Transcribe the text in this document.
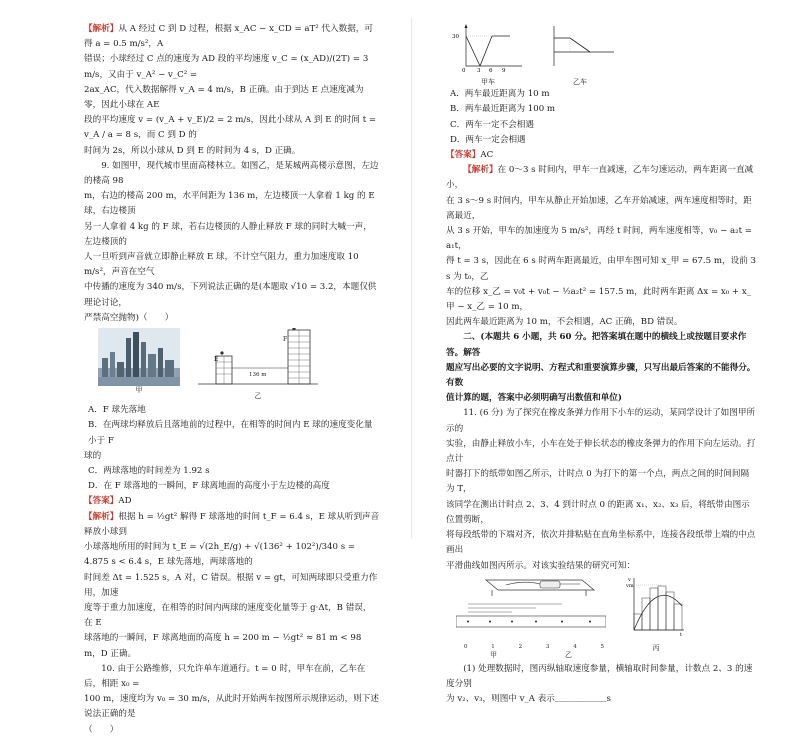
【解析】从 A 经过 C 到 D 过程，根据 x_AC − x_CD = aT² 代入数据，可得 a = 0.5 m/s²，A

错误；小球经过 C 点的速度为 AD 段的平均速度 v_C = (x_AD)/(2T) = 3 m/s，又由于 v_A² − v_C² =

2ax_AC，代入数据解得 v_A = 4 m/s，B 正确。由于到达 E 点速度减为零，因此小球在 AE

段的平均速度 v = (v_A + v_E)/2 = 2 m/s，因此小球从 A 到 E 的时间 t = v_A / a = 8 s，而 C 到 D 的

时间为 2s，所以小球从 D 到 E 的时间为 4 s，D 正确。

9. 如图甲，现代城市里面高楼林立。如图乙，是某城两高楼示意图，左边的楼高 98

m，右边的楼高 200 m，水平间距为 136 m，左边楼顶一人拿着 1 kg 的 E 球，右边楼顶

另一人拿着 4 kg 的 F 球，若右边楼顶的人静止释放 F 球的同时大喊一声，左边楼顶的

人一旦听到声音就立即静止释放 E 球，不计空气阻力，重力加速度取 10 m/s²，声音在空气

中传播的速度为 340 m/s，下列说法正确的是(本题取 √10 = 3.2，本题仅供理论讨论，

严禁高空抛物)（　　）

甲
136 m
E
F
乙

A．F 球先落地

B．在两球均释放后且落地前的过程中，在相等的时间内 E 球的速度变化量小于 F

球的

C．两球落地的时间差为 1.92 s

D．在 F 球落地的一瞬间，F 球离地面的高度小于左边楼的高度

【答案】AD

【解析】根据 h = ½gt² 解得 F 球落地的时间 t_F = 6.4 s，E 球从听到声音释放小球到

小球落地所用的时间为 t_E = √(2h_E/g) + √(136² + 102²)/340 s = 4.875 s < 6.4 s，E 球先落地，两球落地的

时间差 Δt = 1.525 s，A 对，C 错误。根据 v = gt，可知两球即只受重力作用，加速

度等于重力加速度，在相等的时间内两球的速度变化量等于 g·Δt，B 错误，在 E

球落地的一瞬间，F 球离地面的高度 h = 200 m − ½gt² ≈ 81 m < 98 m，D 正确。

10. 由于公路维修，只允许单车道通行。t = 0 时，甲车在前，乙车在后，相距 x₀ =

100 m，速度均为 v₀ = 30 m/s，从此时开始两车按图所示规律运动，则下述说法正确的是

（　　）

30
0 3 6 9
甲车	乙车

A．两车最近距离为 10 m

B．两车最近距离为 100 m

C．两车一定不会相遇

D．两车一定会相遇

【答案】AC

【解析】在 0～3 s 时间内，甲车一直减速，乙车匀速运动，两车距离一直减小，

在 3 s～9 s 时间内，甲车从静止开始加速，乙车开始减速，两车速度相等时，距离最近，

从 3 s 开始，甲车的加速度为 5 m/s²，再经 t 时间，两车速度相等，v₀ − a₂t = a₁t，

得 t = 3 s，因此在 6 s 时两车距离最近，由甲车图可知 x_甲 = 67.5 m，设前 3 s 为 t₀，乙

车的位移 x_乙 = v₀t + v₀t − ½a₂t² = 157.5 m，此时两车距离 Δx = x₀ + x_甲 − x_乙 = 10 m，

因此两车最近距离为 10 m，不会相遇，AC 正确，BD 错误。

二、(本题共 6 小题，共 60 分。把答案填在题中的横线上或按题目要求作答。解答

题应写出必要的文字说明、方程式和重要演算步骤，只写出最后答案的不能得分。有数

值计算的题，答案中必须明确写出数值和单位)

11. (6 分) 为了探究在橡皮条弹力作用下小车的运动，某同学设计了如图甲所示的

实验，由静止释放小车，小车在处于伸长状态的橡皮条弹力的作用下向左运动。打点计

时器打下的纸带如图乙所示，计时点 0 为打下的第一个点，两点之间的时间间隔为 T，

该同学在测出计时点 2、3、4 到计时点 0 的距离 x₁、x₂、x₃ 后，将纸带由图示位置剪断，

将每段纸带的下端对齐，依次并排粘贴在直角坐标系中，连接各段纸带上端的中点画出

平滑曲线如图丙所示。对该实验结果的研究可知：

0	1	2	3	4	5
甲	乙
vm
v
t
丙

(1) 处理数据时，图丙纵轴取速度参量，横轴取时间参量，计数点 2、3 的速度分别

为 v₂、v₃，则图中 v_A 表示＿＿＿＿＿＿s
